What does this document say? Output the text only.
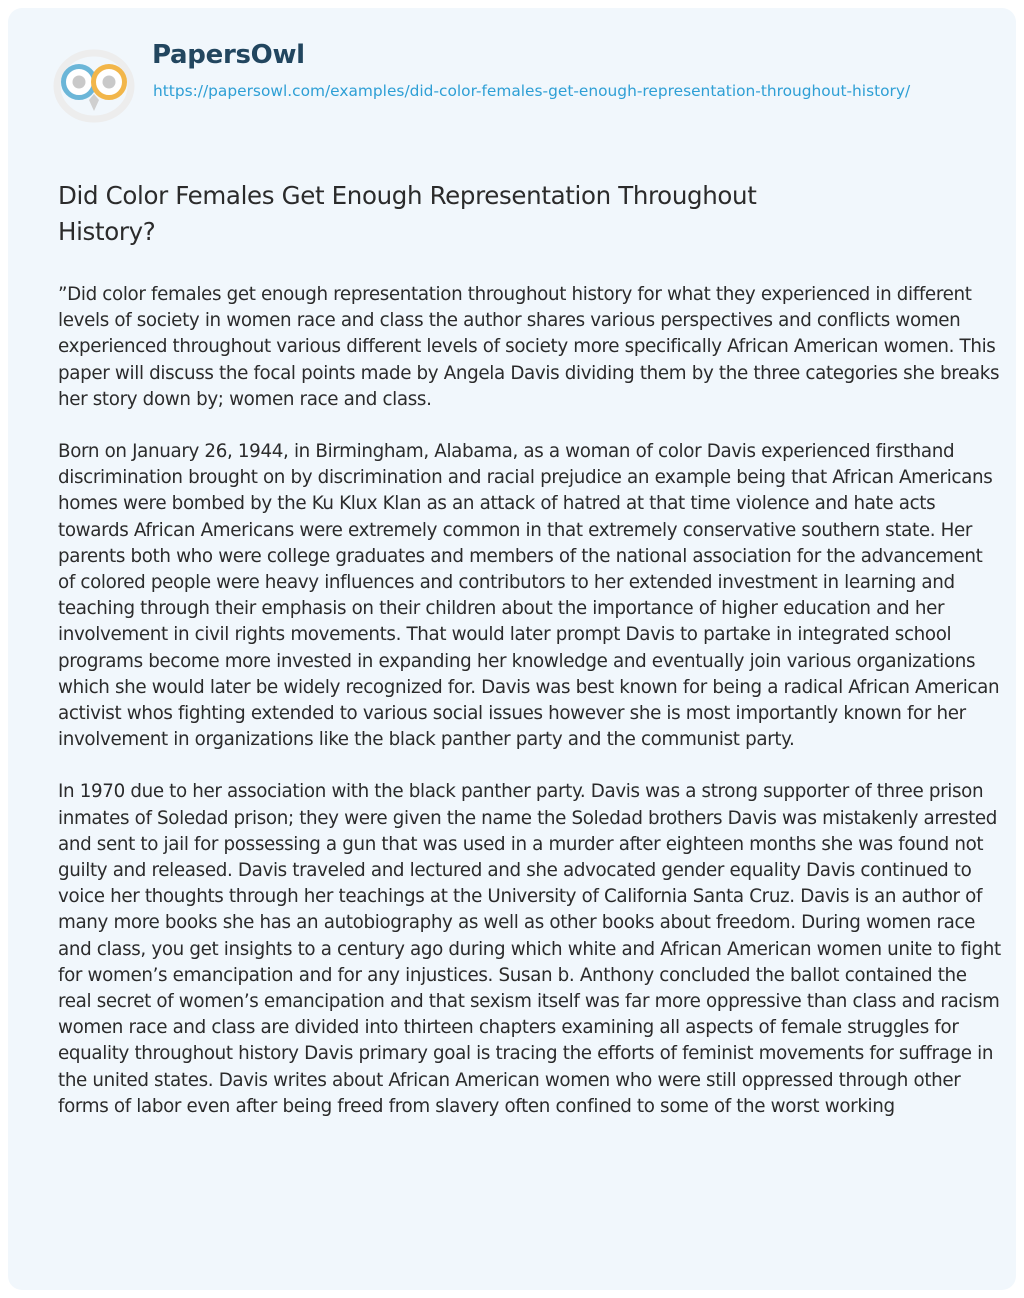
PapersOwl
https://papersowl.com/examples/did-color-females-get-enough-representation-throughout-history/
Did Color Females Get Enough Representation Throughout History?

”Did color females get enough representation throughout history for what they experienced in different levels of society in women race and class the author shares various perspectives and conflicts women experienced throughout various different levels of society more specifically African American women. This paper will discuss the focal points made by Angela Davis dividing them by the three categories she breaks her story down by; women race and class.

Born on January 26, 1944, in Birmingham, Alabama, as a woman of color Davis experienced firsthand discrimination brought on by discrimination and racial prejudice an example being that African Americans homes were bombed by the Ku Klux Klan as an attack of hatred at that time violence and hate acts towards African Americans were extremely common in that extremely conservative southern state. Her parents both who were college graduates and members of the national association for the advancement of colored people were heavy influences and contributors to her extended investment in learning and teaching through their emphasis on their children about the importance of higher education and her involvement in civil rights movements. That would later prompt Davis to partake in integrated school programs become more invested in expanding her knowledge and eventually join various organizations which she would later be widely recognized for. Davis was best known for being a radical African American activist whos fighting extended to various social issues however she is most importantly known for her involvement in organizations like the black panther party and the communist party.

In 1970 due to her association with the black panther party. Davis was a strong supporter of three prison inmates of Soledad prison; they were given the name the Soledad brothers Davis was mistakenly arrested and sent to jail for possessing a gun that was used in a murder after eighteen months she was found not guilty and released. Davis traveled and lectured and she advocated gender equality Davis continued to voice her thoughts through her teachings at the University of California Santa Cruz. Davis is an author of many more books she has an autobiography as well as other books about freedom. During women race and class, you get insights to a century ago during which white and African American women unite to fight for women’s emancipation and for any injustices. Susan b. Anthony concluded the ballot contained the real secret of women’s emancipation and that sexism itself was far more oppressive than class and racism women race and class are divided into thirteen chapters examining all aspects of female struggles for equality throughout history Davis primary goal is tracing the efforts of feminist movements for suffrage in the united states. Davis writes about African American women who were still oppressed through other forms of labor even after being freed from slavery often confined to some of the worst working
